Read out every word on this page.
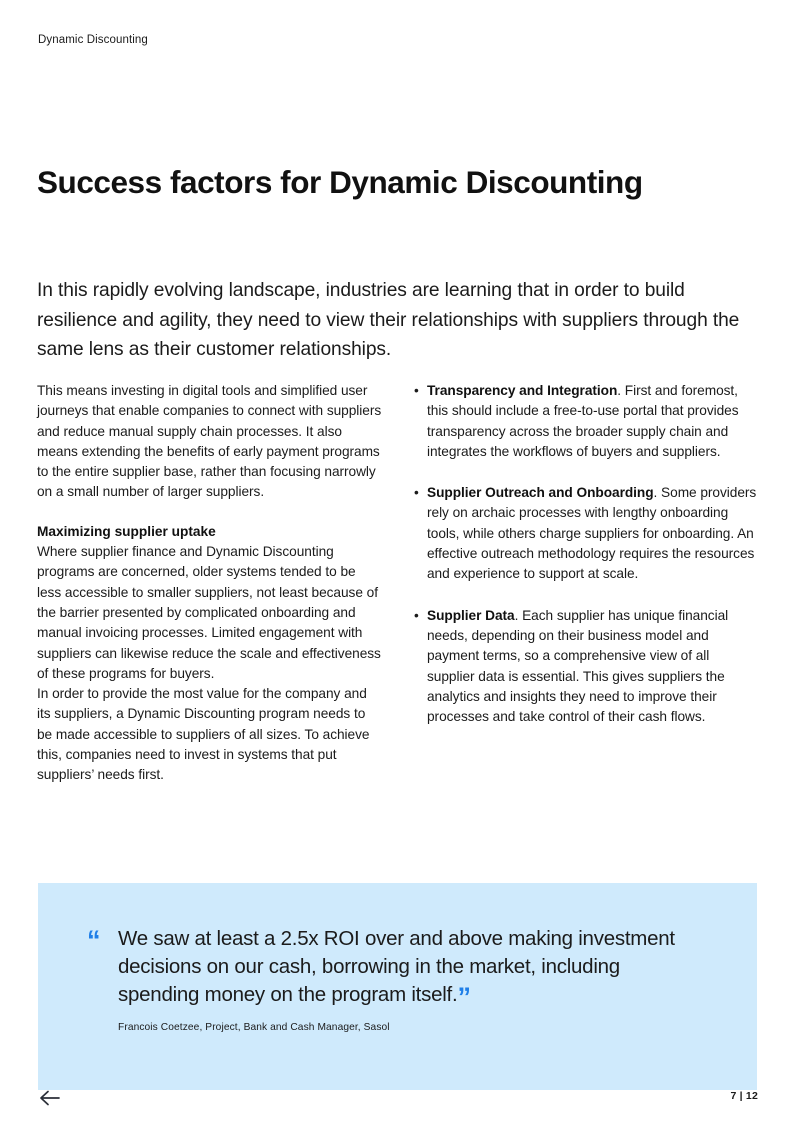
Dynamic Discounting
Success factors for Dynamic Discounting

In this rapidly evolving landscape, industries are learning that in order to build resilience and agility, they need to view their relationships with suppliers through the same lens as their customer relationships.

This means investing in digital tools and simplified user journeys that enable companies to connect with suppliers and reduce manual supply chain processes. It also means extending the benefits of early payment programs to the entire supplier base, rather than focusing narrowly on a small number of larger suppliers.

Maximizing supplier uptake

Where supplier finance and Dynamic Discounting programs are concerned, older systems tended to be less accessible to smaller suppliers, not least because of the barrier presented by complicated onboarding and manual invoicing processes. Limited engagement with suppliers can likewise reduce the scale and effectiveness of these programs for buyers.

In order to provide the most value for the company and its suppliers, a Dynamic Discounting program needs to be made accessible to suppliers of all sizes. To achieve this, companies need to invest in systems that put suppliers’ needs first.

• Transparency and Integration. First and foremost, this should include a free-to-use portal that provides transparency across the broader supply chain and integrates the workflows of buyers and suppliers.
• Supplier Outreach and Onboarding. Some providers rely on archaic processes with lengthy onboarding tools, while others charge suppliers for onboarding. An effective outreach methodology requires the resources and experience to support at scale.
• Supplier Data. Each supplier has unique financial needs, depending on their business model and payment terms, so a comprehensive view of all supplier data is essential. This gives suppliers the analytics and insights they need to improve their processes and take control of their cash flows.

“ We saw at least a 2.5x ROI over and above making investment decisions on our cash, borrowing in the market, including spending money on the program itself.”

Francois Coetzee, Project, Bank and Cash Manager, Sasol

7 | 12
